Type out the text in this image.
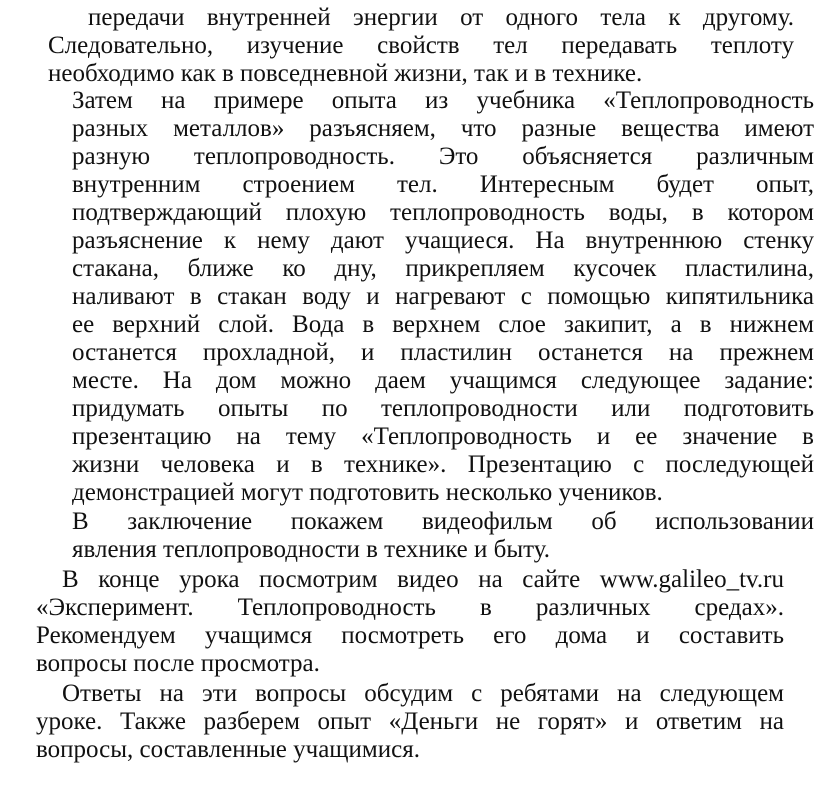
передачи внутренней энергии от одного тела к другому.
Следовательно, изучение свойств тел передавать теплоту
необходимо как в повседневной жизни, так и в технике.
Затем на примере опыта из учебника «Теплопроводность
разных металлов» разъясняем, что разные вещества имеют
разную теплопроводность. Это объясняется различным
внутренним строением тел. Интересным будет опыт,
подтверждающий плохую теплопроводность воды, в котором
разъяснение к нему дают учащиеся. На внутреннюю стенку
стакана, ближе ко дну, прикрепляем кусочек пластилина,
наливают в стакан воду и нагревают с помощью кипятильника
ее верхний слой. Вода в верхнем слое закипит, а в нижнем
останется прохладной, и пластилин останется на прежнем
месте. На дом можно даем учащимся следующее задание:
придумать опыты по теплопроводности или подготовить
презентацию на тему «Теплопроводность и ее значение в
жизни человека и в технике». Презентацию с последующей
демонстрацией могут подготовить несколько учеников.
В заключение покажем видеофильм об использовании
явления теплопроводности в технике и быту.
В конце урока посмотрим видео на сайте www.galileo_tv.ru
«Эксперимент. Теплопроводность в различных средах».
Рекомендуем учащимся посмотреть его дома и составить
вопросы после просмотра.
Ответы на эти вопросы обсудим с ребятами на следующем
уроке. Также разберем опыт «Деньги не горят» и ответим на
вопросы, составленные учащимися.
